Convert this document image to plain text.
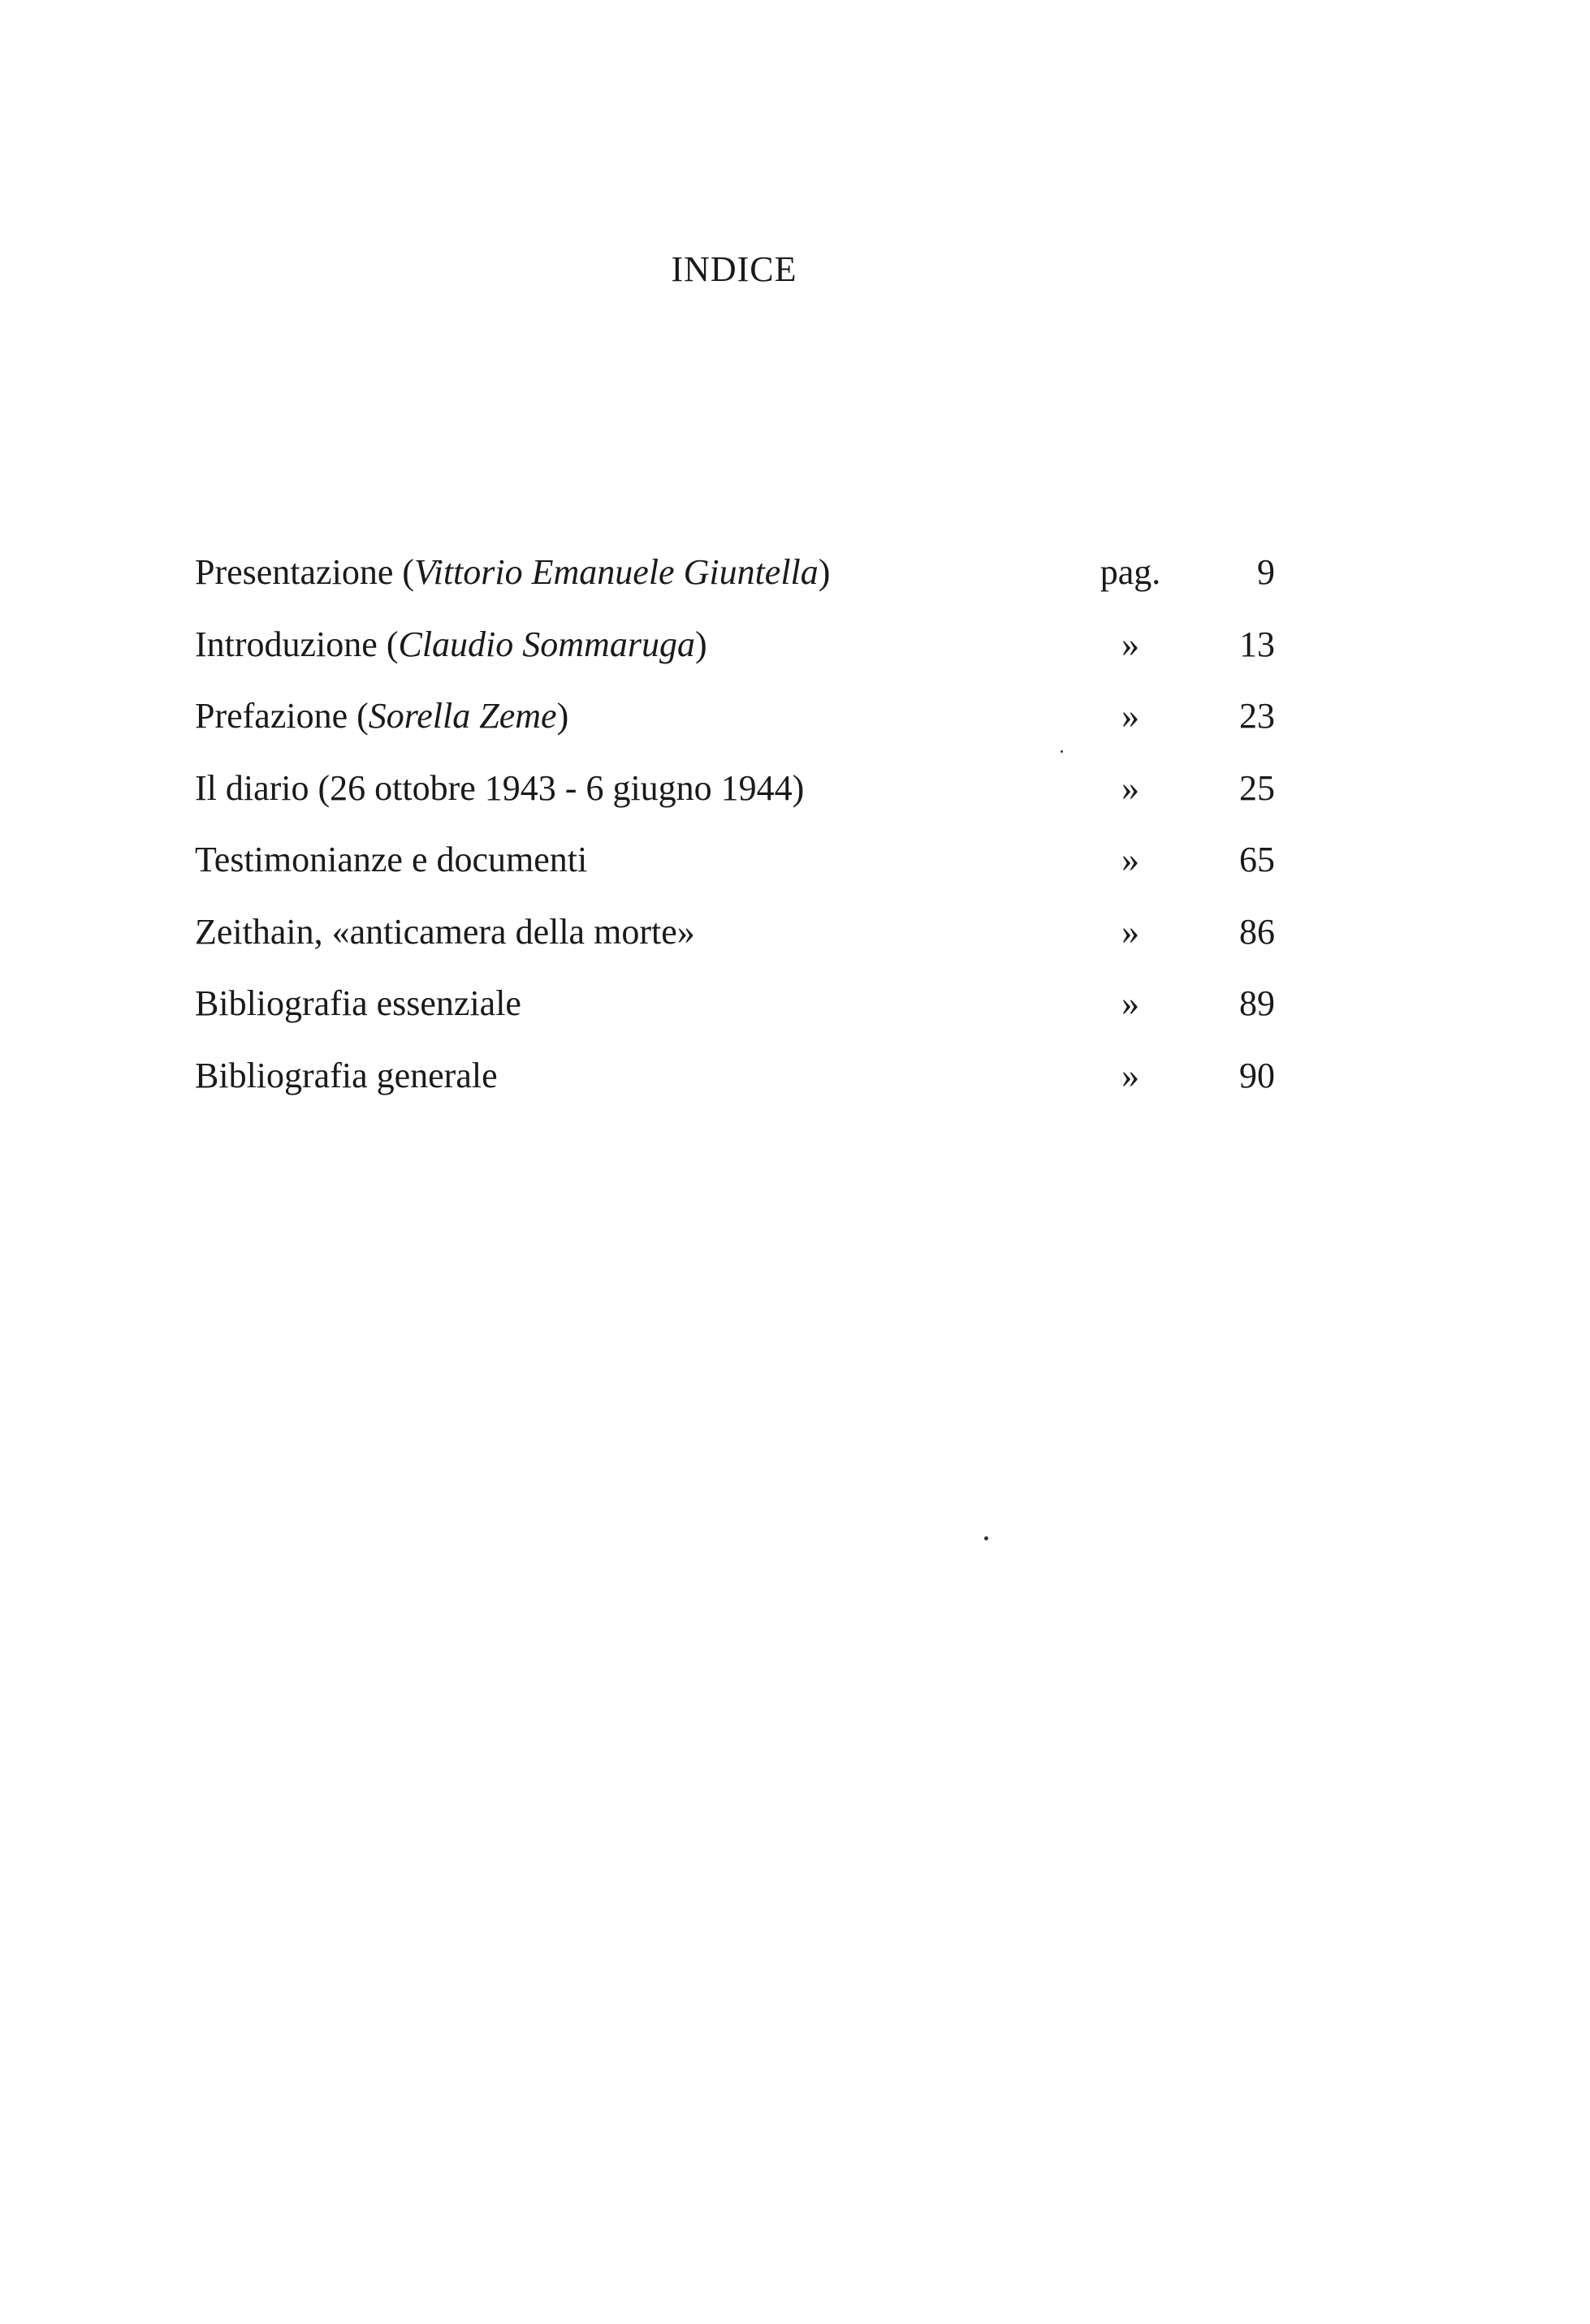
INDICE
Presentazione (Vittorio Emanuele Giuntella)	pag.	9
Introduzione (Claudio Sommaruga)	»	13
Prefazione (Sorella Zeme)	»	23
Il diario (26 ottobre 1943 - 6 giugno 1944)	»	25
Testimonianze e documenti	»	65
Zeithain, «anticamera della morte»	»	86
Bibliografia essenziale	»	89
Bibliografia generale	»	90
